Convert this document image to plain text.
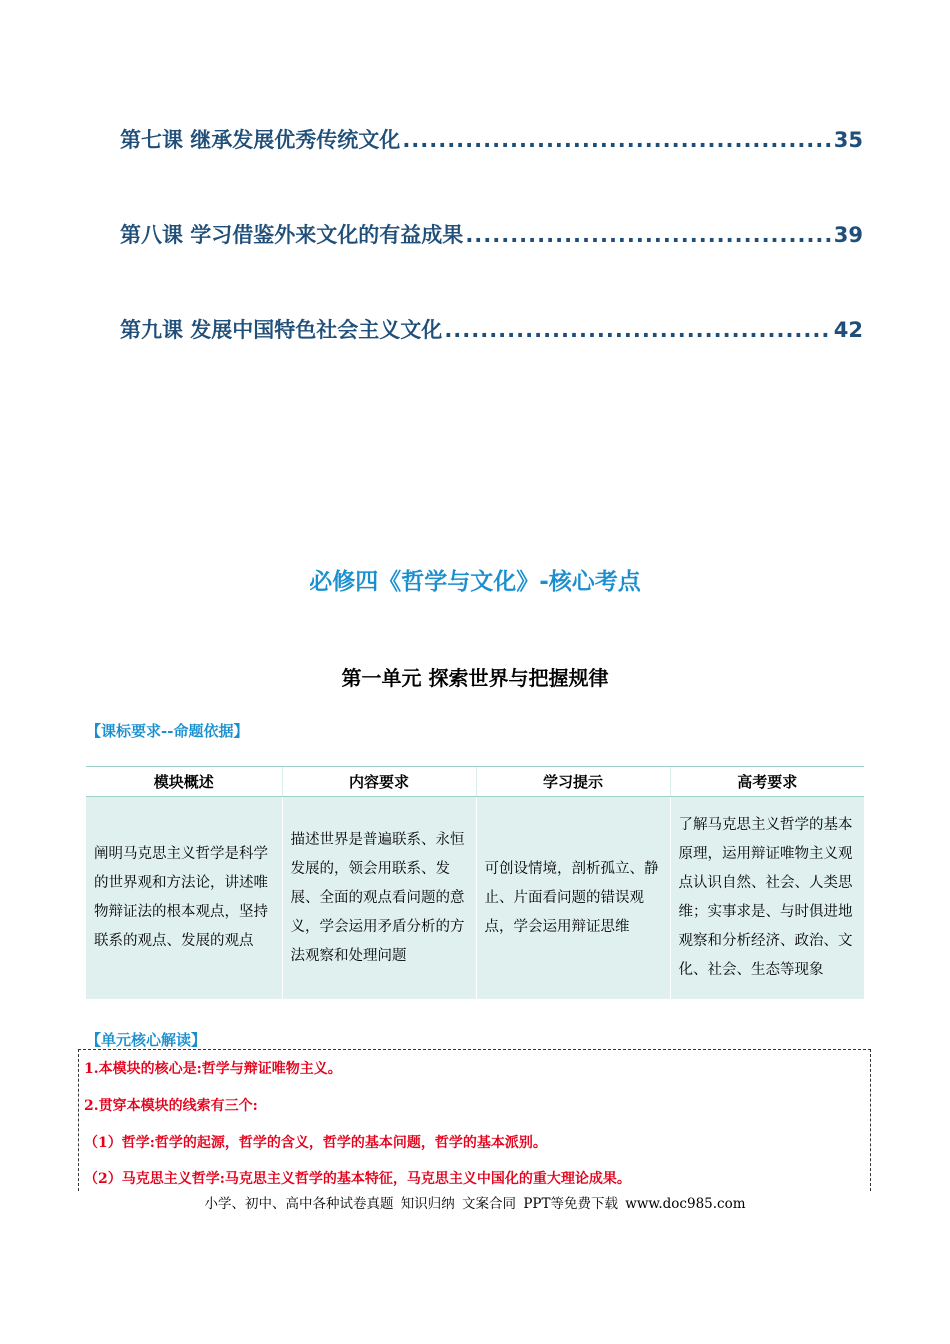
第七课 继承发展优秀传统文化 .....	35
第八课 学习借鉴外来文化的有益成果 .....	39
第九课 发展中国特色社会主义文化 .....	42
必修四《哲学与文化》-核心考点
第一单元 探索世界与把握规律
【课标要求--命题依据】
模块概述	内容要求	学习提示	高考要求
阐明马克思主义哲学是科学的世界观和方法论，讲述唯物辩证法的根本观点，坚持联系的观点、发展的观点	描述世界是普遍联系、永恒发展的，领会用联系、发展、全面的观点看问题的意义，学会运用矛盾分析的方法观察和处理问题	可创设情境，剖析孤立、静止、片面看问题的错误观点，学会运用辩证思维	了解马克思主义哲学的基本原理，运用辩证唯物主义观点认识自然、社会、人类思维；实事求是、与时俱进地观察和分析经济、政治、文化、社会、生态等现象
【单元核心解读】
1.本模块的核心是:哲学与辩证唯物主义。
2.贯穿本模块的线索有三个:
（1）哲学:哲学的起源，哲学的含义，哲学的基本问题，哲学的基本派别。
（2）马克思主义哲学:马克思主义哲学的基本特征，马克思主义中国化的重大理论成果。
小学、初中、高中各种试卷真题 知识归纳 文案合同 PPT等免费下载 www.doc985.com
